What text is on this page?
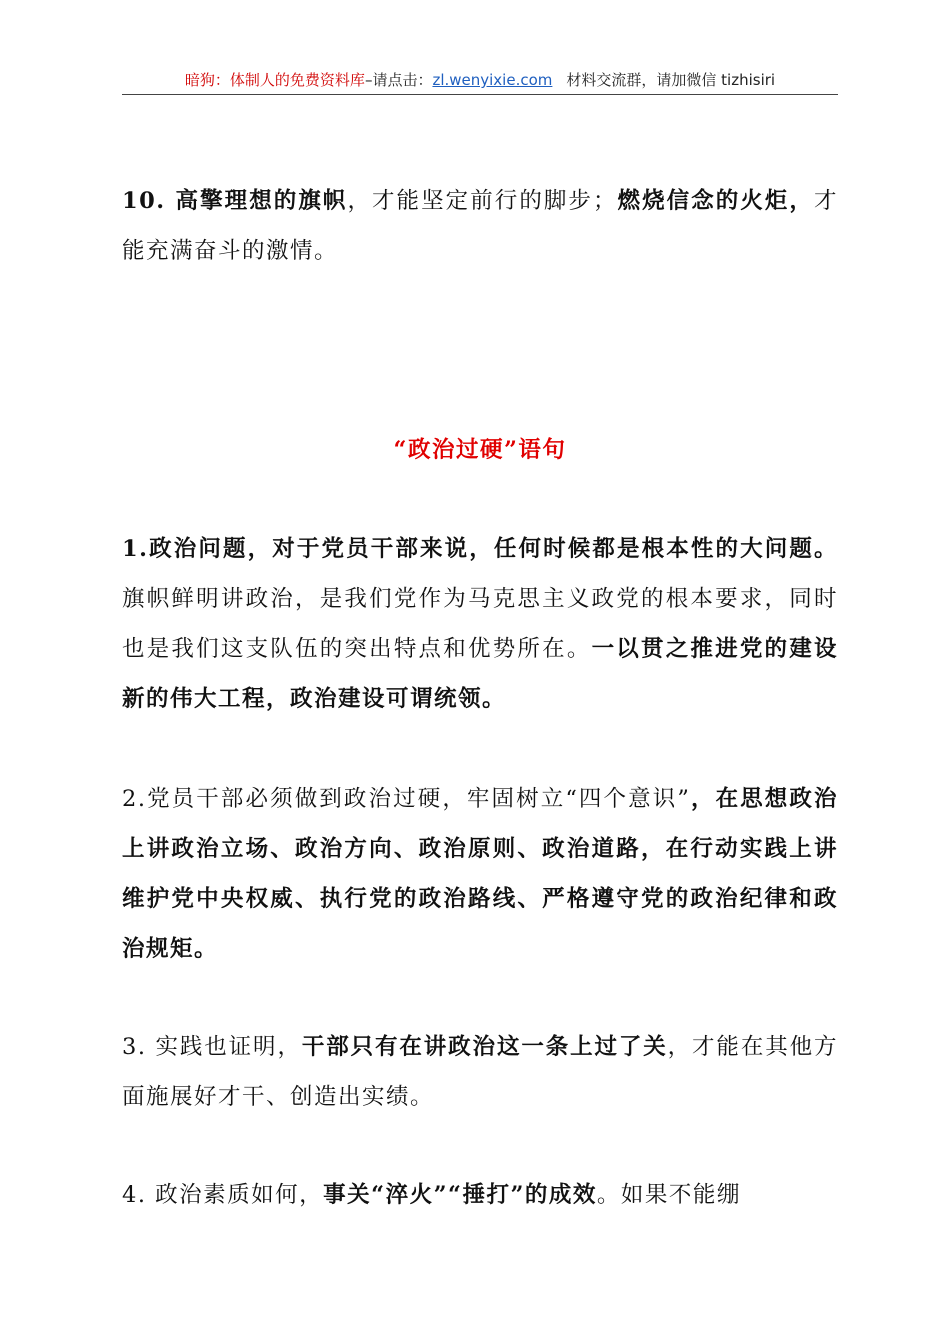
暗狗：体制人的免费资料库–请点击：zl.wenyixie.com 材料交流群，请加微信 tizhisiri

10. 高擎理想的旗帜，才能坚定前行的脚步；燃烧信念的火炬，才能充满奋斗的激情。

“政治过硬”语句

1.政治问题，对于党员干部来说，任何时候都是根本性的大问题。旗帜鲜明讲政治，是我们党作为马克思主义政党的根本要求，同时也是我们这支队伍的突出特点和优势所在。一以贯之推进党的建设新的伟大工程，政治建设可谓统领。

2.党员干部必须做到政治过硬，牢固树立“四个意识”，在思想政治上讲政治立场、政治方向、政治原则、政治道路，在行动实践上讲维护党中央权威、执行党的政治路线、严格遵守党的政治纪律和政治规矩。

3. 实践也证明，干部只有在讲政治这一条上过了关，才能在其他方面施展好才干、创造出实绩。

4. 政治素质如何，事关“淬火”“捶打”的成效。如果不能绷
